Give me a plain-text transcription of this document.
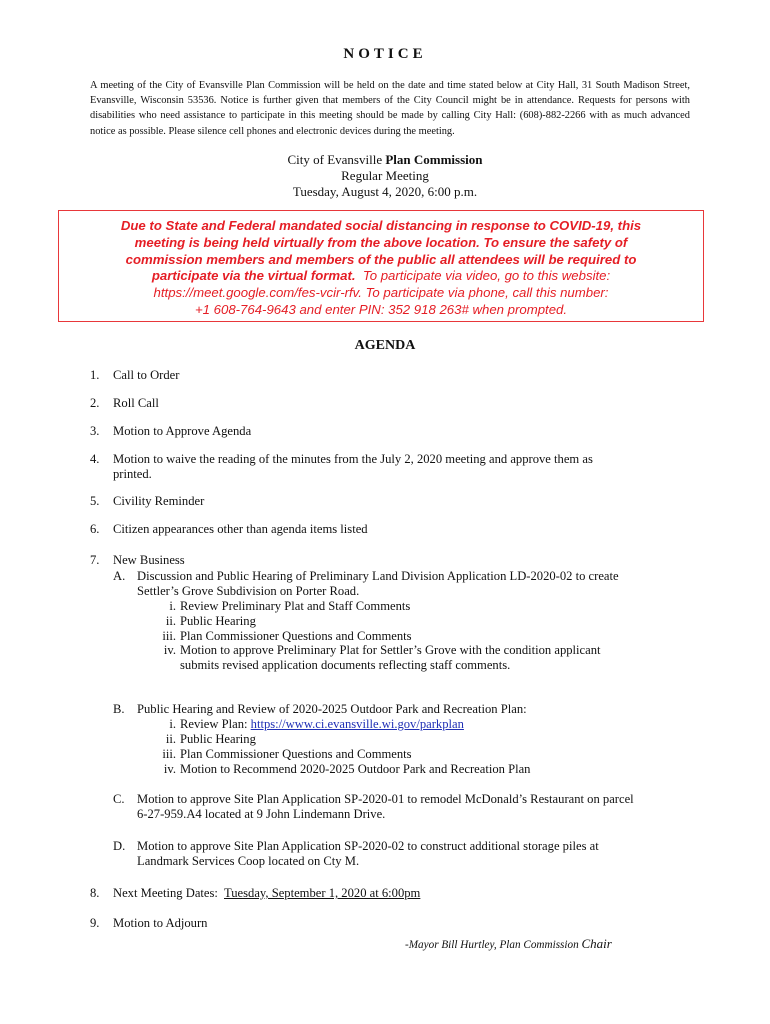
NOTICE
A meeting of the City of Evansville Plan Commission will be held on the date and time stated below at City Hall, 31 South Madison Street, Evansville, Wisconsin 53536. Notice is further given that members of the City Council might be in attendance. Requests for persons with disabilities who need assistance to participate in this meeting should be made by calling City Hall: (608)-882-2266 with as much advanced notice as possible. Please silence cell phones and electronic devices during the meeting.
City of Evansville Plan Commission
Regular Meeting
Tuesday, August 4, 2020, 6:00 p.m.
Due to State and Federal mandated social distancing in response to COVID-19, this
meeting is being held virtually from the above location. To ensure the safety of
commission members and members of the public all attendees will be required to
participate via the virtual format. To participate via video, go to this website:
https://meet.google.com/fes-vcir-rfv. To participate via phone, call this number:
+1 608-764-9643 and enter PIN: 352 918 263# when prompted.
AGENDA
1.	Call to Order
2.	Roll Call
3.	Motion to Approve Agenda
4.	Motion to waive the reading of the minutes from the July 2, 2020 meeting and approve them as
printed.
5.	Civility Reminder
6.	Citizen appearances other than agenda items listed
7.	New Business
A. Discussion and Public Hearing of Preliminary Land Division Application LD-2020-02 to create
Settler’s Grove Subdivision on Porter Road.
i. Review Preliminary Plat and Staff Comments
ii. Public Hearing
iii. Plan Commissioner Questions and Comments
iv. Motion to approve Preliminary Plat for Settler’s Grove with the condition applicant
submits revised application documents reflecting staff comments.
B. Public Hearing and Review of 2020-2025 Outdoor Park and Recreation Plan:
i. Review Plan: https://www.ci.evansville.wi.gov/parkplan
ii. Public Hearing
iii. Plan Commissioner Questions and Comments
iv. Motion to Recommend 2020-2025 Outdoor Park and Recreation Plan
C. Motion to approve Site Plan Application SP-2020-01 to remodel McDonald’s Restaurant on parcel
6-27-959.A4 located at 9 John Lindemann Drive.
D. Motion to approve Site Plan Application SP-2020-02 to construct additional storage piles at
Landmark Services Coop located on Cty M.
8.	Next Meeting Dates: Tuesday, September 1, 2020 at 6:00pm
9.	Motion to Adjourn
-Mayor Bill Hurtley, Plan Commission Chair
